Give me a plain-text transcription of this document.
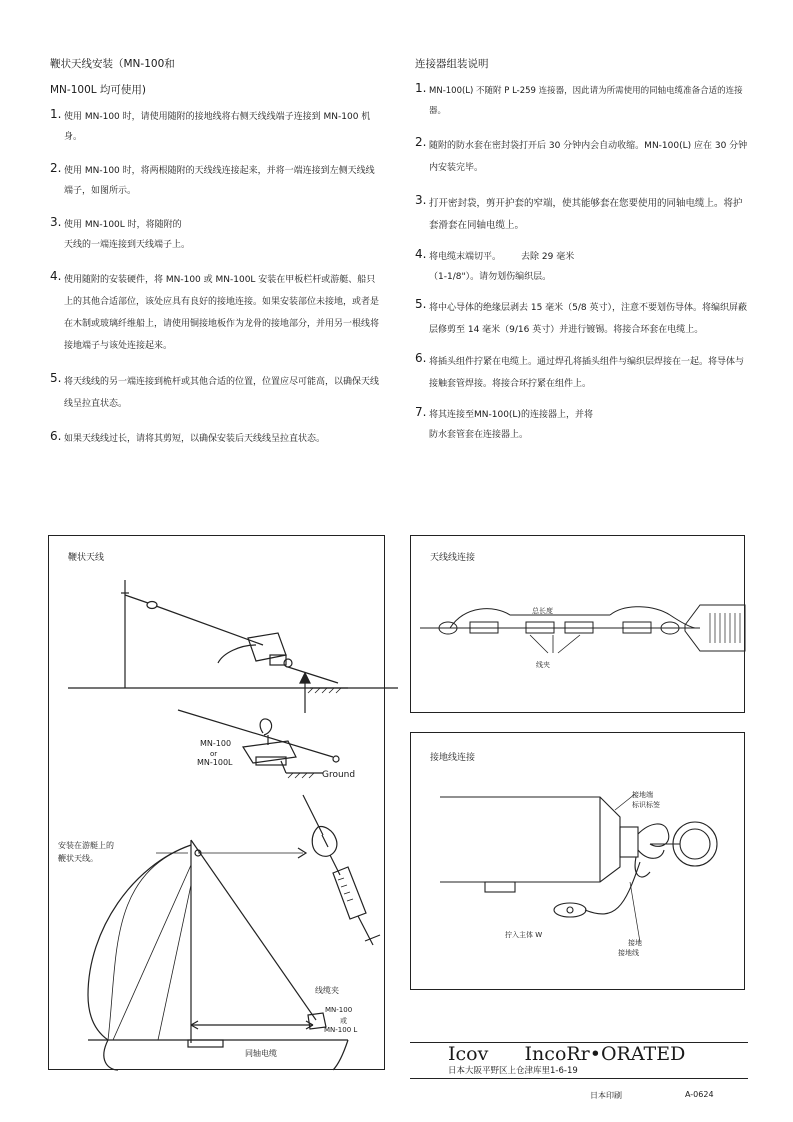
鞭状天线安装（MN-100和
MN-100L 均可使用)
1. 使用 MN-100 时，请使用随附的接地线将右侧天线线端子连接到 MN-100 机身。
2. 使用 MN-100 时，将两根随附的天线线连接起来，并将一端连接到左侧天线线端子，如图所示。
3. 使用 MN-100L 时，将随附的
天线的一端连接到天线端子上。
4. 使用随附的安装硬件，将 MN-100 或 MN-100L 安装在甲板栏杆或游艇、船只上的其他合适部位，该处应具有良好的接地连接。如果安装部位未接地，或者是在木制或玻璃纤维船上，请使用铜接地板作为龙骨的接地部分，并用另一根线将接地端子与该处连接起来。
5. 将天线线的另一端连接到桅杆或其他合适的位置，位置应尽可能高，以确保天线线呈拉直状态。
6. 如果天线线过长，请将其剪短，以确保安装后天线线呈拉直状态。
连接器组装说明
1. MN-100(L) 不随附 P L-259 连接器，因此请为所需使用的同轴电缆准备合适的连接器。
2. 随附的防水套在密封袋打开后 30 分钟内会自动收缩。MN-100(L) 应在 30 分钟内安装完毕。
3. 打开密封袋，剪开护套的窄端，使其能够套在您要使用的同轴电缆上。将护套滑套在同轴电缆上。
4. 将电缆末端切平。       去除 29 毫米
（1-1/8"）。请勿划伤编织层。
5. 将中心导体的绝缘层剥去 15 毫米（5/8 英寸），注意不要划伤导体。将编织屏蔽层修剪至 14 毫米（9/16 英寸）并进行镀锡。将接合环套在电缆上。
6. 将插头组件拧紧在电缆上。通过焊孔将插头组件与编织层焊接在一起。将导体与接触套管焊接。将接合环拧紧在组件上。
7. 将其连接至MN-100(L)的连接器上，并将
防水套管套在连接器上。
鞭状天线
MN-100
or
MN-100L
Ground
安装在游艇上的
鞭状天线。
线缆夹
MN-100
或
MN-100 L
同轴电缆
天线线连接
总长度
线夹
接地线连接
接地端
标识标签
拧入主体 W
接地
接地线
Icov      IncoRr•ORATED
日本大阪平野区上仓津库里1-6-19
日本印刷	A-0624
